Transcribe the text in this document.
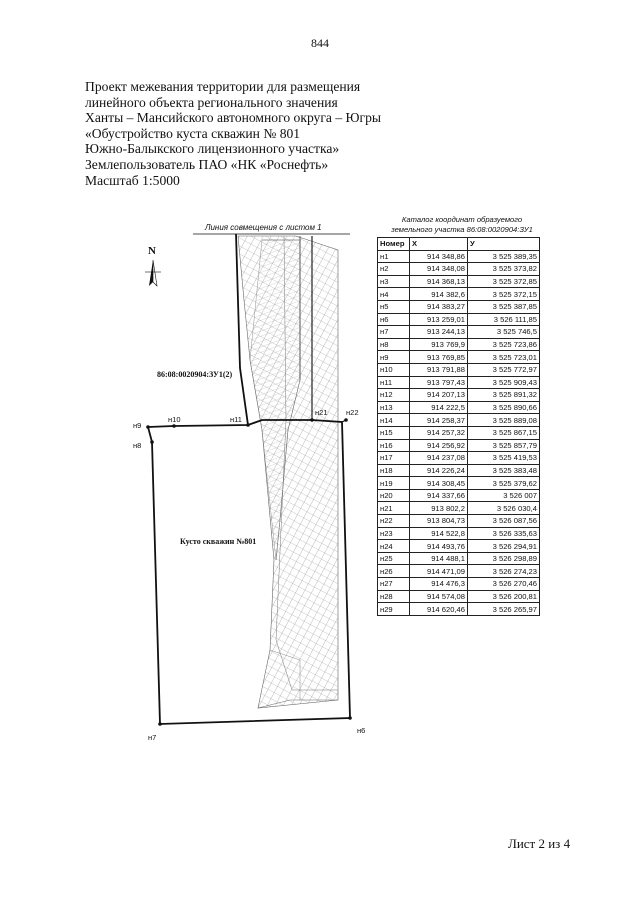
844
Проект межевания территории для размещения
линейного объекта регионального значения
Ханты – Мансийского автономного округа – Югры
«Обустройство куста скважин № 801
Южно-Балыкского лицензионного участка»
Землепользователь ПАО «НК «Роснефть»
Масштаб 1:5000
Линия совмещения с листом 1
н9
н10	н11
н21 н22
н8
н7
н6
86:08:0020904:ЗУ1(2)
Кусто скважин №801
N
Каталог координат образуемого
земельного участка 86:08:0020904:ЗУ1
Номер	X	У
н1	914 348,86	3 525 389,35
н2	914 348,08	3 525 373,82
н3	914 368,13	3 525 372,85
н4	914 382,6	3 525 372,15
н5	914 383,27	3 525 387,85
н6	913 259,01	3 526 111,85
н7	913 244,13	3 525 746,5
н8	913 769,9	3 525 723,86
н9	913 769,85	3 525 723,01
н10	913 791,88	3 525 772,97
н11	913 797,43	3 525 909,43
н12	914 207,13	3 525 891,32
н13	914 222,5	3 525 890,66
н14	914 258,37	3 525 889,08
н15	914 257,32	3 525 867,15
н16	914 256,92	3 525 857,79
н17	914 237,08	3 525 419,53
н18	914 226,24	3 525 383,48
н19	914 308,45	3 525 379,62
н20	914 337,66	3 526 007
н21	913 802,2	3 526 030,4
н22	913 804,73	3 526 087,56
н23	914 522,8	3 526 335,63
н24	914 493,76	3 526 294,91
н25	914 488,1	3 526 298,89
н26	914 471,09	3 526 274,23
н27	914 476,3	3 526 270,46
н28	914 574,08	3 526 200,81
н29	914 620,46	3 526 265,97
Лист 2 из 4
